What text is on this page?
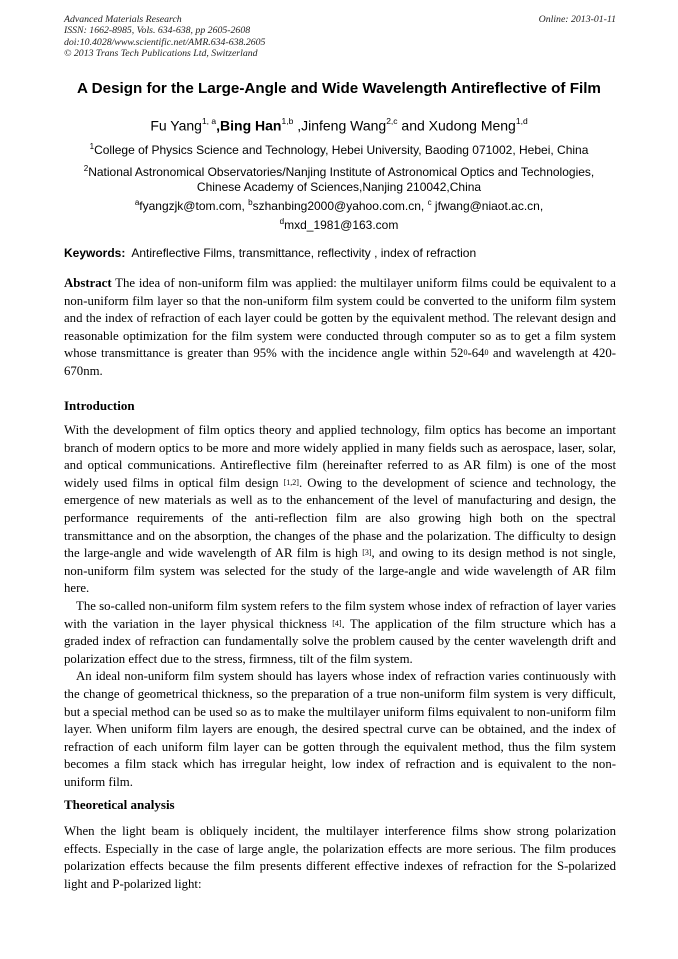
Advanced Materials Research
ISSN: 1662-8985, Vols. 634-638, pp 2605-2608
doi:10.4028/www.scientific.net/AMR.634-638.2605
© 2013 Trans Tech Publications Ltd, Switzerland
Online: 2013-01-11
A Design for the Large-Angle and Wide Wavelength Antireflective of Film
Fu Yang$^{1, a}$,Bing Han$^{1,b}$ ,Jinfeng Wang$^{2,c}$ and Xudong Meng$^{1,d}$
$^1$College of Physics Science and Technology, Hebei University, Baoding 071002, Hebei, China
$^2$National Astronomical Observatories/Nanjing Institute of Astronomical Optics and Technologies,
Chinese Academy of Sciences,Nanjing 210042,China
$^a$fyangzjk@tom.com, $^b$szhanbing2000@yahoo.com.cn, $^c$ jfwang@niaot.ac.cn,
$^d$mxd_1981@163.com
Keywords:  Antireflective Films, transmittance, reflectivity , index of refraction

Abstract The idea of non-uniform film was applied: the multilayer uniform films could be equivalent to a non-uniform film layer so that the non-uniform film system could be converted to the uniform film system and the index of refraction of each layer could be gotten by the equivalent method. The relevant design and reasonable optimization for the film system were conducted through computer so as to get a film system whose transmittance is greater than 95% with the incidence angle within $52^0-64^0$ and wavelength at 420-670nm.

Introduction

With the development of film optics theory and applied technology, film optics has become an important branch of modern optics to be more and more widely applied in many fields such as aerospace, laser, solar, and optical communications. Antireflective film (hereinafter referred to as AR film) is one of the most widely used films in optical film design [1,2]. Owing to the development of science and technology, the emergence of new materials as well as to the enhancement of the level of manufacturing and design, the performance requirements of the anti-reflection film are also growing high both on the spectral transmittance and on the absorption, the changes of the phase and the polarization. The difficulty to design the large-angle and wide wavelength of AR film is high [3], and owing to its design method is not single, non-uniform film system was selected for the study of the large-angle and wide wavelength of AR film here.

The so-called non-uniform film system refers to the film system whose index of refraction of layer varies with the variation in the layer physical thickness [4]. The application of the film structure which has a graded index of refraction can fundamentally solve the problem caused by the center wavelength drift and polarization effect due to the stress, firmness, tilt of the film system.

An ideal non-uniform film system should has layers whose index of refraction varies continuously with the change of geometrical thickness, so the preparation of a true non-uniform film system is very difficult, but a special method can be used so as to make the multilayer uniform films equivalent to non-uniform film layer. When uniform film layers are enough, the desired spectral curve can be obtained, and the index of refraction of each uniform film layer can be gotten through the equivalent method, thus the film system becomes a film stack which has irregular height, low index of refraction and is equivalent to the non-uniform film.

Theoretical analysis

When the light beam is obliquely incident, the multilayer interference films show strong polarization effects. Especially in the case of large angle, the polarization effects are more serious. The film produces polarization effects because the film presents different effective indexes of refraction for the S-polarized light and P-polarized light:
